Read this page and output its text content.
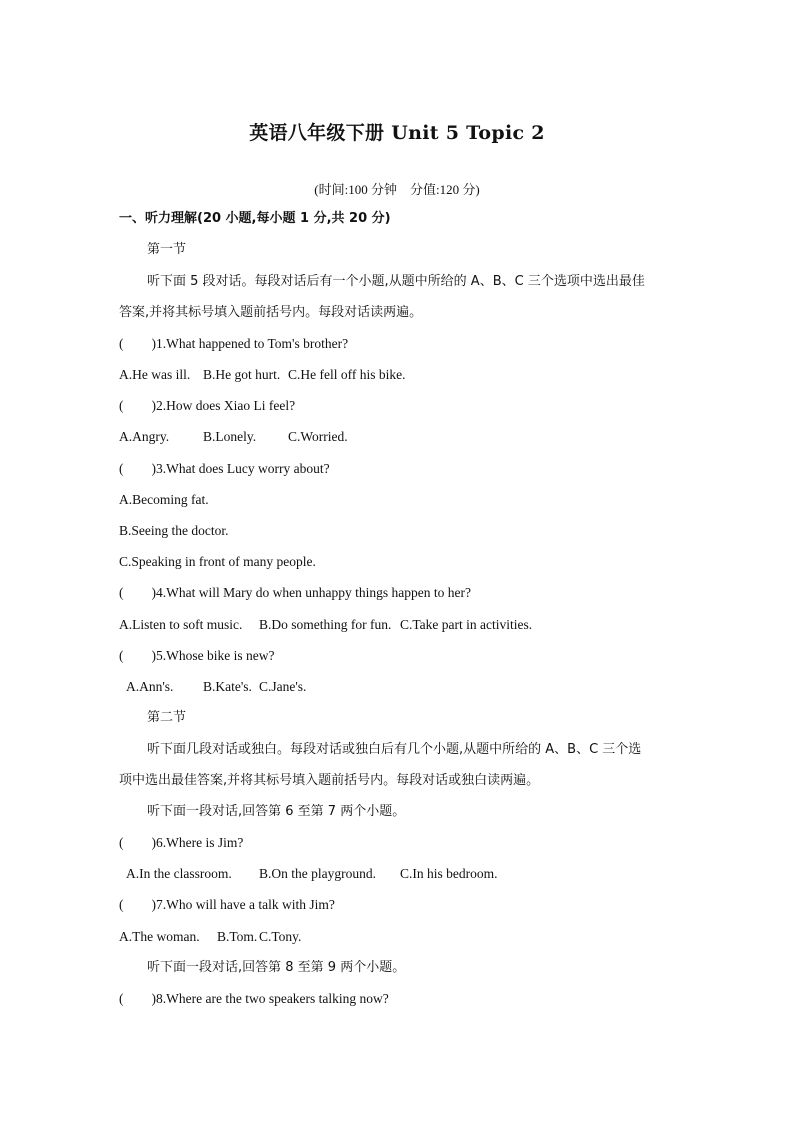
英语八年级下册 Unit 5 Topic 2
(时间:100 分钟　分值:120 分)
一、听力理解(20 小题,每小题 1 分,共 20 分)
第一节
听下面 5 段对话。每段对话后有一个小题,从题中所给的 A、B、C 三个选项中选出最佳
答案,并将其标号填入题前括号内。每段对话读两遍。
( )1.What happened to Tom's brother?
A.He was ill. B.He got hurt. C.He fell off his bike.
( )2.How does Xiao Li feel?
A.Angry.	B.Lonely. C.Worried.
( )3.What does Lucy worry about?
A.Becoming fat.
B.Seeing the doctor.
C.Speaking in front of many people.
( )4.What will Mary do when unhappy things happen to her?
A.Listen to soft music. B.Do something for fun. C.Take part in activities.
( )5.Whose bike is new?
A.Ann's. B.Kate's. C.Jane's.
第二节
听下面几段对话或独白。每段对话或独白后有几个小题,从题中所给的 A、B、C 三个选
项中选出最佳答案,并将其标号填入题前括号内。每段对话或独白读两遍。
听下面一段对话,回答第 6 至第 7 两个小题。
( )6.Where is Jim?
A.In the classroom. B.On the playground. C.In his bedroom.
( )7.Who will have a talk with Jim?
A.The woman. B.Tom. C.Tony.
听下面一段对话,回答第 8 至第 9 两个小题。
( )8.Where are the two speakers talking now?
